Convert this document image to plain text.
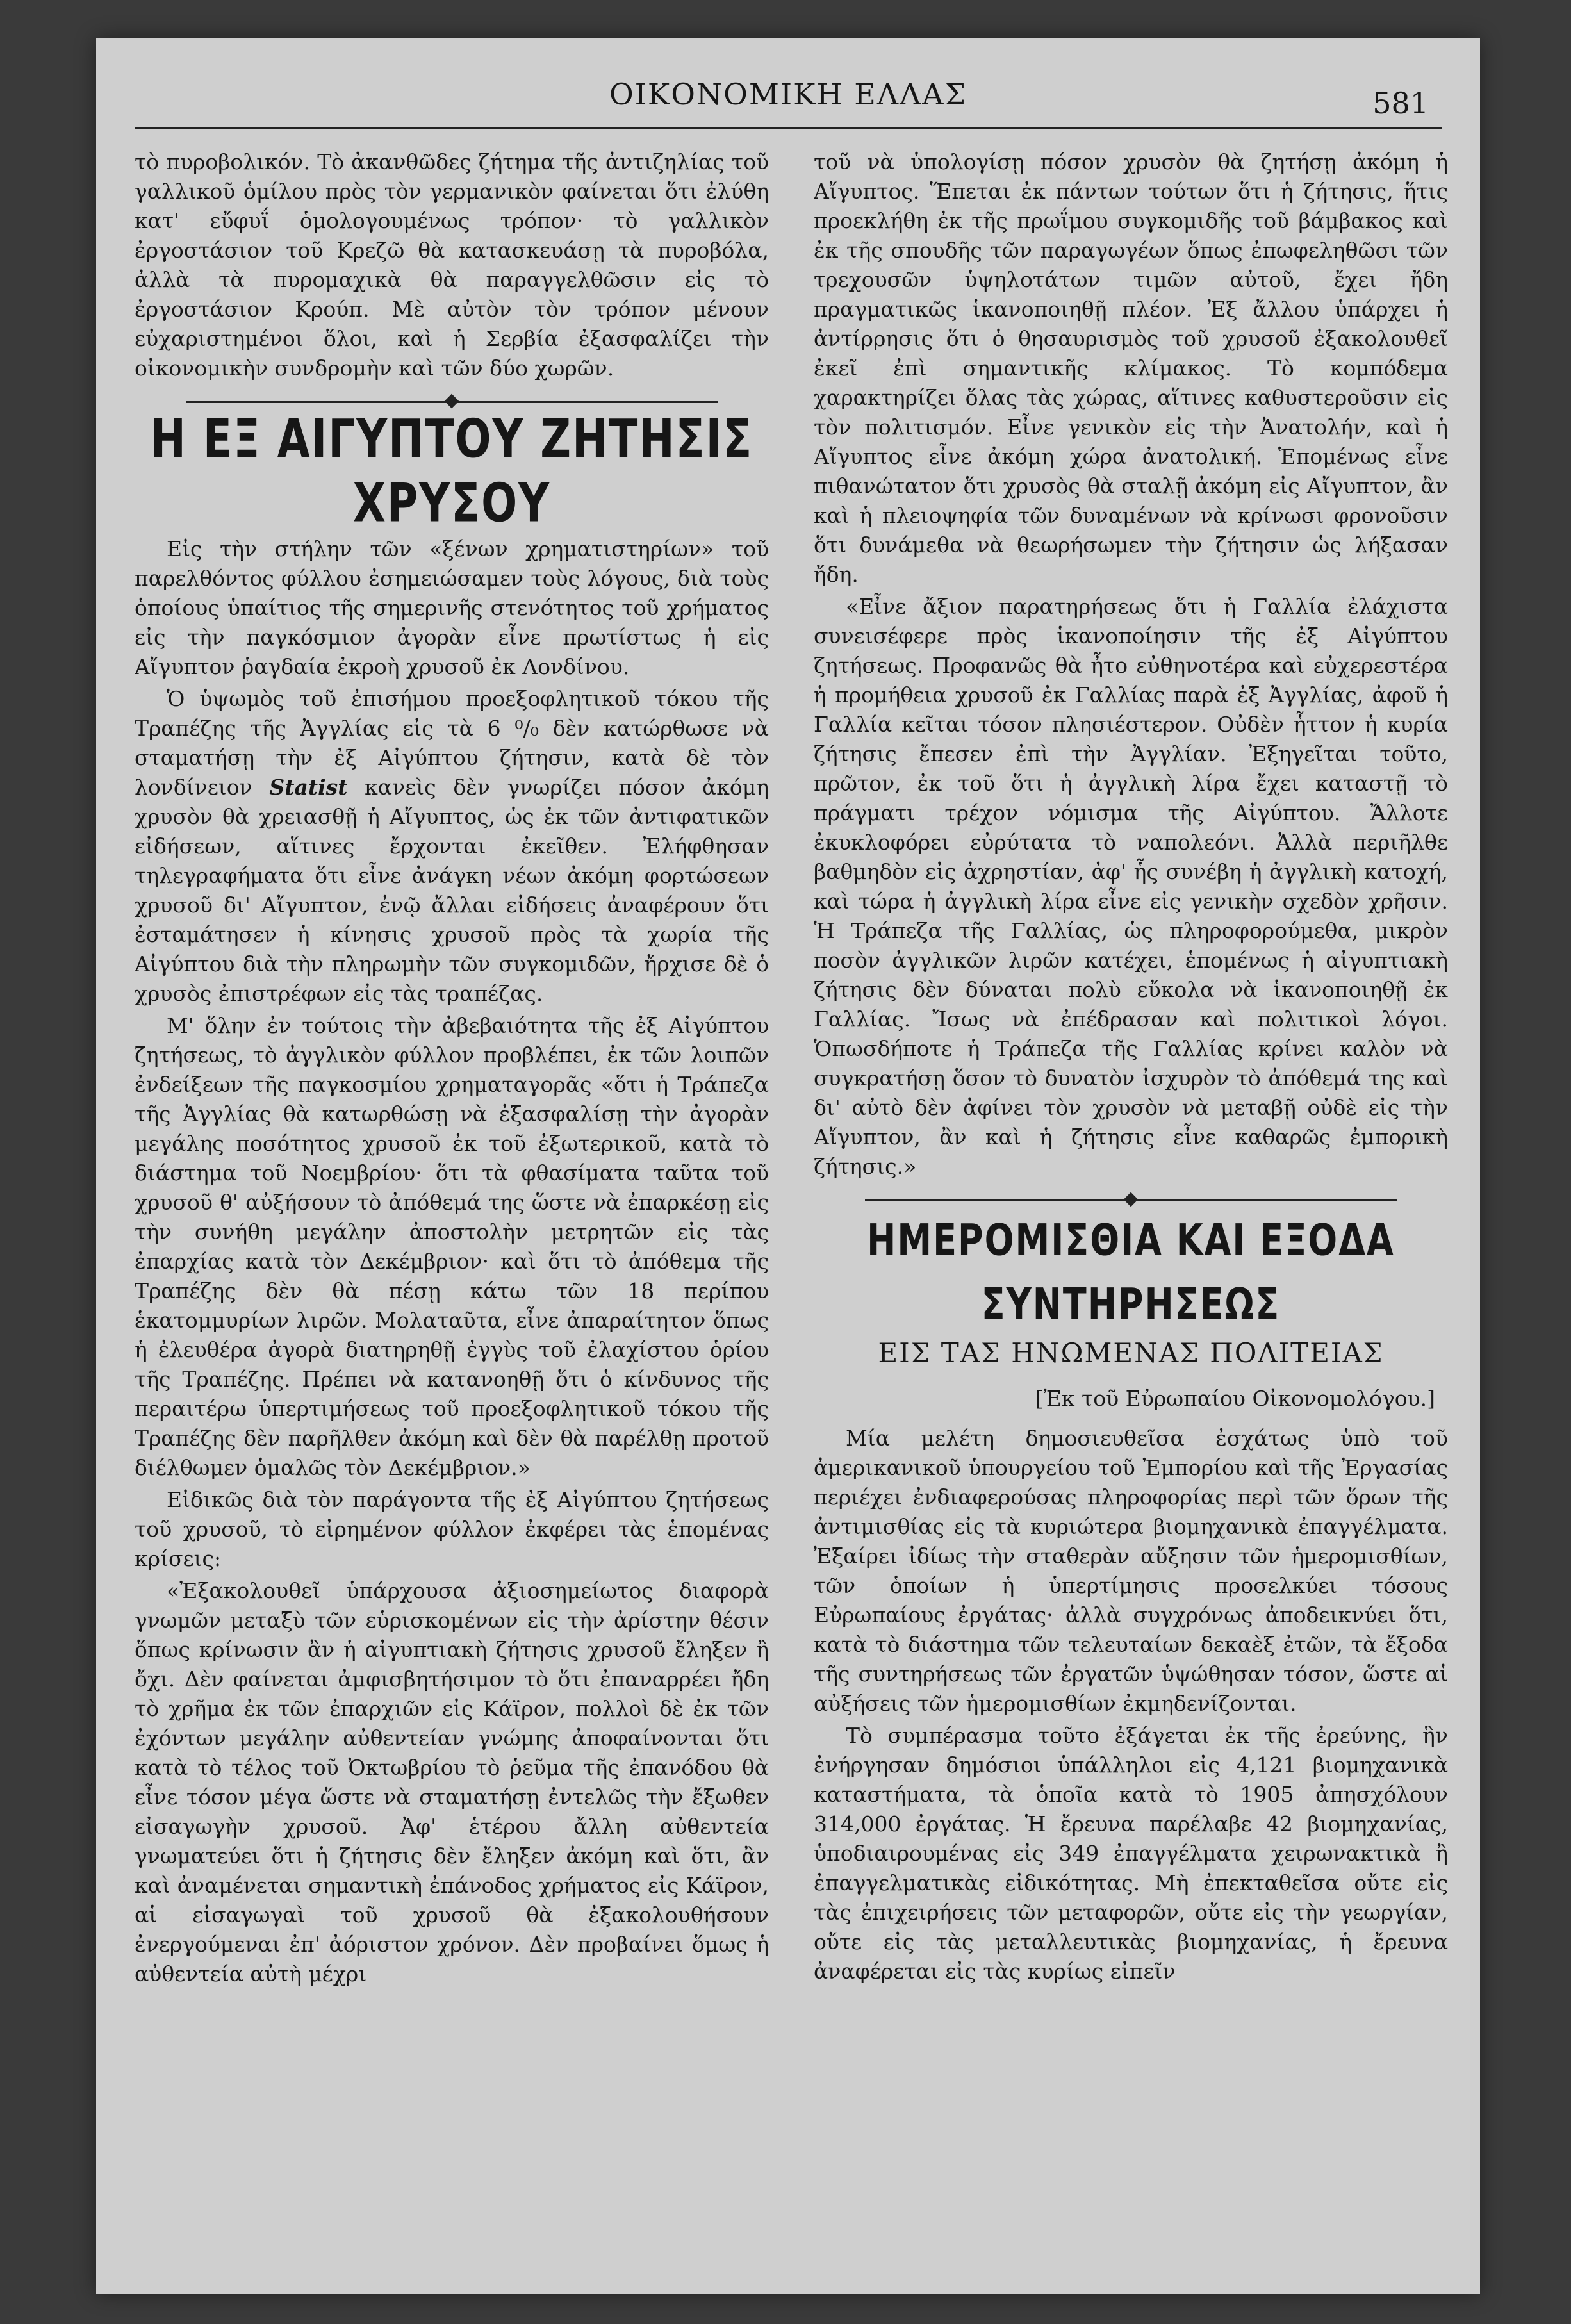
ΟΙΚΟΝΟΜΙΚΗ ΕΛΛΑΣ	581

τὸ πυροβολικόν. Τὸ ἀκανθῶδες ζήτημα τῆς ἀντιζηλίας τοῦ γαλλικοῦ ὁμίλου πρὸς τὸν γερμανικὸν φαίνεται ὅτι ἐλύθη κατ' εὔφυΐ ὁμολογουμένως τρόπον· τὸ γαλλικὸν ἐργοστάσιον τοῦ Κρεζῶ θὰ κατασκευάσῃ τὰ πυροβόλα, ἀλλὰ τὰ πυρομαχικὰ θὰ παραγγελθῶσιν εἰς τὸ ἐργοστάσιον Κρούπ. Μὲ αὐτὸν τὸν τρόπον μένουν εὐχαριστημένοι ὅλοι, καὶ ἡ Σερβία ἐξασφαλίζει τὴν οἰκονομικὴν συνδρομὴν καὶ τῶν δύο χωρῶν.

Η ΕΞ ΑΙΓΥΠΤΟΥ ΖΗΤΗΣΙΣ ΧΡΥΣΟΥ

Εἰς τὴν στήλην τῶν «ξένων χρηματιστηρίων» τοῦ παρελθόντος φύλλου ἐσημειώσαμεν τοὺς λόγους, διὰ τοὺς ὁποίους ὑπαίτιος τῆς σημερινῆς στενότητος τοῦ χρήματος εἰς τὴν παγκόσμιον ἀγορὰν εἶνε πρωτίστως ἡ εἰς Αἴγυπτον ῥαγδαία ἐκροὴ χρυσοῦ ἐκ Λονδίνου.

Ὁ ὑψωμὸς τοῦ ἐπισήμου προεξοφλητικοῦ τόκου τῆς Τραπέζης τῆς Ἀγγλίας εἰς τὰ 6 ⁰/₀ δὲν κατώρθωσε νὰ σταματήσῃ τὴν ἐξ Αἰγύπτου ζήτησιν, κατὰ δὲ τὸν λονδίνειον Statist κανεὶς δὲν γνωρίζει πόσον ἀκόμη χρυσὸν θὰ χρειασθῇ ἡ Αἴγυπτος, ὡς ἐκ τῶν ἀντιφατικῶν εἰδήσεων, αἵτινες ἔρχονται ἐκεῖθεν. Ἐλήφθησαν τηλεγραφήματα ὅτι εἶνε ἀνάγκη νέων ἀκόμη φορτώσεων χρυσοῦ δι' Αἴγυπτον, ἐνῷ ἄλλαι εἰδήσεις ἀναφέρουν ὅτι ἐσταμάτησεν ἡ κίνησις χρυσοῦ πρὸς τὰ χωρία τῆς Αἰγύπτου διὰ τὴν πληρωμὴν τῶν συγκομιδῶν, ἤρχισε δὲ ὁ χρυσὸς ἐπιστρέφων εἰς τὰς τραπέζας.

Μ' ὅλην ἐν τούτοις τὴν ἀβεβαιότητα τῆς ἐξ Αἰγύπτου ζητήσεως, τὸ ἀγγλικὸν φύλλον προβλέπει, ἐκ τῶν λοιπῶν ἐνδείξεων τῆς παγκοσμίου χρηματαγορᾶς «ὅτι ἡ Τράπεζα τῆς Ἀγγλίας θὰ κατωρθώσῃ νὰ ἐξασφαλίσῃ τὴν ἀγορὰν μεγάλης ποσότητος χρυσοῦ ἐκ τοῦ ἐξωτερικοῦ, κατὰ τὸ διάστημα τοῦ Νοεμβρίου· ὅτι τὰ φθασίματα ταῦτα τοῦ χρυσοῦ θ' αὐξήσουν τὸ ἀπόθεμά της ὥστε νὰ ἐπαρκέσῃ εἰς τὴν συνήθη μεγάλην ἀποστολὴν μετρητῶν εἰς τὰς ἐπαρχίας κατὰ τὸν Δεκέμβριον· καὶ ὅτι τὸ ἀπόθεμα τῆς Τραπέζης δὲν θὰ πέσῃ κάτω τῶν 18 περίπου ἑκατομμυρίων λιρῶν. Μολαταῦτα, εἶνε ἀπαραίτητον ὅπως ἡ ἐλευθέρα ἀγορὰ διατηρηθῇ ἐγγὺς τοῦ ἐλαχίστου ὁρίου τῆς Τραπέζης. Πρέπει νὰ κατανοηθῇ ὅτι ὁ κίνδυνος τῆς περαιτέρω ὑπερτιμήσεως τοῦ προεξοφλητικοῦ τόκου τῆς Τραπέζης δὲν παρῆλθεν ἀκόμη καὶ δὲν θὰ παρέλθῃ προτοῦ διέλθωμεν ὁμαλῶς τὸν Δεκέμβριον.»

Εἰδικῶς διὰ τὸν παράγοντα τῆς ἐξ Αἰγύπτου ζητήσεως τοῦ χρυσοῦ, τὸ εἰρημένον φύλλον ἐκφέρει τὰς ἑπομένας κρίσεις:

«Ἐξακολουθεῖ ὑπάρχουσα ἀξιοσημείωτος διαφορὰ γνωμῶν μεταξὺ τῶν εὑρισκομένων εἰς τὴν ἀρίστην θέσιν ὅπως κρίνωσιν ἂν ἡ αἰγυπτιακὴ ζήτησις χρυσοῦ ἔληξεν ἢ ὄχι. Δὲν φαίνεται ἀμφισβητήσιμον τὸ ὅτι ἐπαναρρέει ἤδη τὸ χρῆμα ἐκ τῶν ἐπαρχιῶν εἰς Κάϊρον, πολλοὶ δὲ ἐκ τῶν ἐχόντων μεγάλην αὐθεντείαν γνώμης ἀποφαίνονται ὅτι κατὰ τὸ τέλος τοῦ Ὀκτωβρίου τὸ ῥεῦμα τῆς ἐπανόδου θὰ εἶνε τόσον μέγα ὥστε νὰ σταματήσῃ ἐντελῶς τὴν ἔξωθεν εἰσαγωγὴν χρυσοῦ. Ἀφ' ἑτέρου ἄλλη αὐθεντεία γνωματεύει ὅτι ἡ ζήτησις δὲν ἔληξεν ἀκόμη καὶ ὅτι, ἂν καὶ ἀναμένεται σημαντικὴ ἐπάνοδος χρήματος εἰς Κάϊρον, αἱ εἰσαγωγαὶ τοῦ χρυσοῦ θὰ ἐξακολουθήσουν ἐνεργούμεναι ἐπ' ἀόριστον χρόνον. Δὲν προβαίνει ὅμως ἡ αὐθεντεία αὐτὴ μέχρι

τοῦ νὰ ὑπολογίσῃ πόσον χρυσὸν θὰ ζητήσῃ ἀκόμη ἡ Αἴγυπτος. Ἕπεται ἐκ πάντων τούτων ὅτι ἡ ζήτησις, ἥτις προεκλήθη ἐκ τῆς πρωΐμου συγκομιδῆς τοῦ βάμβακος καὶ ἐκ τῆς σπουδῆς τῶν παραγωγέων ὅπως ἐπωφεληθῶσι τῶν τρεχουσῶν ὑψηλοτάτων τιμῶν αὐτοῦ, ἔχει ἤδη πραγματικῶς ἱκανοποιηθῇ πλέον. Ἐξ ἄλλου ὑπάρχει ἡ ἀντίρρησις ὅτι ὁ θησαυρισμὸς τοῦ χρυσοῦ ἐξακολουθεῖ ἐκεῖ ἐπὶ σημαντικῆς κλίμακος. Τὸ κομπόδεμα χαρακτηρίζει ὅλας τὰς χώρας, αἵτινες καθυστεροῦσιν εἰς τὸν πολιτισμόν. Εἶνε γενικὸν εἰς τὴν Ἀνατολήν, καὶ ἡ Αἴγυπτος εἶνε ἀκόμη χώρα ἀνατολική. Ἑπομένως εἶνε πιθανώτατον ὅτι χρυσὸς θὰ σταλῇ ἀκόμη εἰς Αἴγυπτον, ἂν καὶ ἡ πλειοψηφία τῶν δυναμένων νὰ κρίνωσι φρονοῦσιν ὅτι δυνάμεθα νὰ θεωρήσωμεν τὴν ζήτησιν ὡς λήξασαν ἤδη.

«Εἶνε ἄξιον παρατηρήσεως ὅτι ἡ Γαλλία ἐλάχιστα συνεισέφερε πρὸς ἱκανοποίησιν τῆς ἐξ Αἰγύπτου ζητήσεως. Προφανῶς θὰ ἦτο εὐθηνοτέρα καὶ εὐχερεστέρα ἡ προμήθεια χρυσοῦ ἐκ Γαλλίας παρὰ ἐξ Ἀγγλίας, ἀφοῦ ἡ Γαλλία κεῖται τόσον πλησιέστερον. Οὐδὲν ἧττον ἡ κυρία ζήτησις ἔπεσεν ἐπὶ τὴν Ἀγγλίαν. Ἐξηγεῖται τοῦτο, πρῶτον, ἐκ τοῦ ὅτι ἡ ἀγγλικὴ λίρα ἔχει καταστῇ τὸ πράγματι τρέχον νόμισμα τῆς Αἰγύπτου. Ἄλλοτε ἐκυκλοφόρει εὐρύτατα τὸ ναπολεόνι. Ἀλλὰ περιῆλθε βαθμηδὸν εἰς ἀχρηστίαν, ἀφ' ἧς συνέβη ἡ ἀγγλικὴ κατοχή, καὶ τώρα ἡ ἀγγλικὴ λίρα εἶνε εἰς γενικὴν σχεδὸν χρῆσιν. Ἡ Τράπεζα τῆς Γαλλίας, ὡς πληροφορούμεθα, μικρὸν ποσὸν ἀγγλικῶν λιρῶν κατέχει, ἑπομένως ἡ αἰγυπτιακὴ ζήτησις δὲν δύναται πολὺ εὔκολα νὰ ἱκανοποιηθῇ ἐκ Γαλλίας. Ἴσως νὰ ἐπέδρασαν καὶ πολιτικοὶ λόγοι. Ὁπωσδήποτε ἡ Τράπεζα τῆς Γαλλίας κρίνει καλὸν νὰ συγκρατήσῃ ὅσον τὸ δυνατὸν ἰσχυρὸν τὸ ἀπόθεμά της καὶ δι' αὐτὸ δὲν ἀφίνει τὸν χρυσὸν νὰ μεταβῇ οὐδὲ εἰς τὴν Αἴγυπτον, ἂν καὶ ἡ ζήτησις εἶνε καθαρῶς ἐμπορικὴ ζήτησις.»

ΗΜΕΡΟΜΙΣΘΙΑ ΚΑΙ ΕΞΟΔΑ ΣΥΝΤΗΡΗΣΕΩΣ
ΕΙΣ ΤΑΣ ΗΝΩΜΕΝΑΣ ΠΟΛΙΤΕΙΑΣ
[Ἐκ τοῦ Εὐρωπαίου Οἰκονομολόγου.]

Μία μελέτη δημοσιευθεῖσα ἐσχάτως ὑπὸ τοῦ ἀμερικανικοῦ ὑπουργείου τοῦ Ἐμπορίου καὶ τῆς Ἐργασίας περιέχει ἐνδιαφερούσας πληροφορίας περὶ τῶν ὅρων τῆς ἀντιμισθίας εἰς τὰ κυριώτερα βιομηχανικὰ ἐπαγγέλματα. Ἐξαίρει ἰδίως τὴν σταθερὰν αὔξησιν τῶν ἡμερομισθίων, τῶν ὁποίων ἡ ὑπερτίμησις προσελκύει τόσους Εὐρωπαίους ἐργάτας· ἀλλὰ συγχρόνως ἀποδεικνύει ὅτι, κατὰ τὸ διάστημα τῶν τελευταίων δεκαὲξ ἐτῶν, τὰ ἔξοδα τῆς συντηρήσεως τῶν ἐργατῶν ὑψώθησαν τόσον, ὥστε αἱ αὐξήσεις τῶν ἡμερομισθίων ἐκμηδενίζονται.

Τὸ συμπέρασμα τοῦτο ἐξάγεται ἐκ τῆς ἐρεύνης, ἣν ἐνήργησαν δημόσιοι ὑπάλληλοι εἰς 4,121 βιομηχανικὰ καταστήματα, τὰ ὁποῖα κατὰ τὸ 1905 ἀπησχόλουν 314,000 ἐργάτας. Ἡ ἔρευνα παρέλαβε 42 βιομηχανίας, ὑποδιαιρουμένας εἰς 349 ἐπαγγέλματα χειρωνακτικὰ ἢ ἐπαγγελματικὰς εἰδικότητας. Μὴ ἐπεκταθεῖσα οὔτε εἰς τὰς ἐπιχειρήσεις τῶν μεταφορῶν, οὔτε εἰς τὴν γεωργίαν, οὔτε εἰς τὰς μεταλλευτικὰς βιομηχανίας, ἡ ἔρευνα ἀναφέρεται εἰς τὰς κυρίως εἰπεῖν
